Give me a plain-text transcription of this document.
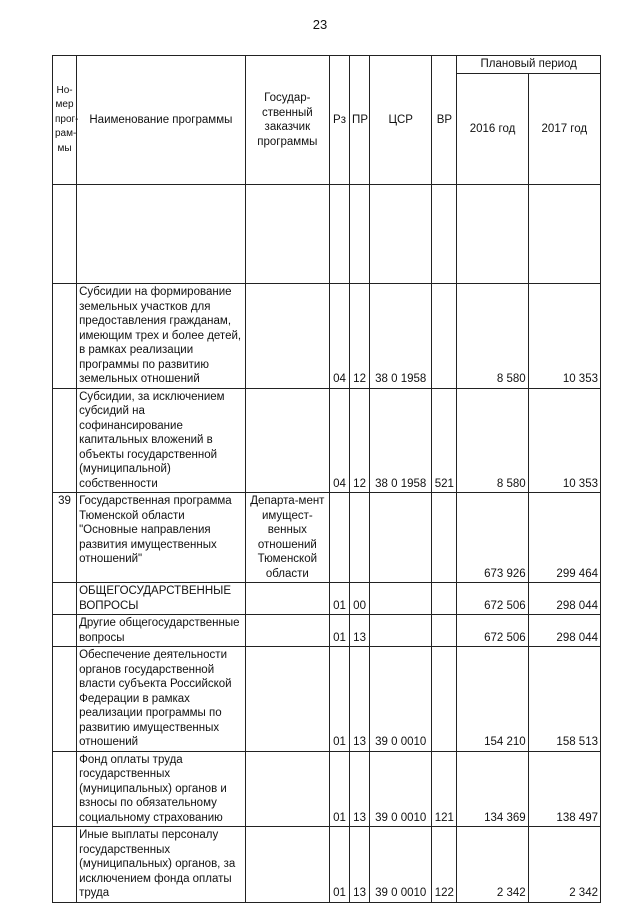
23
Но-мер прог-рам-мы	Наименование программы	Государ-ственный заказчик программы	Рз	ПР	ЦСР	ВР	Плановый период	
							2016 год	2017 год

	Субсидии на формирование земельных участков для предоставления гражданам, имеющим трех и более детей, в рамках реализации программы по развитию земельных отношений		04	12	38 0 1958		8 580	10 353
	Субсидии, за исключением субсидий на софинансирование капитальных вложений в объекты государственной (муниципальной) собственности		04	12	38 0 1958	521	8 580	10 353
39	Государственная программа Тюменской области "Основные направления развития имущественных отношений"	Департа-мент имущест-венных отношений Тюменской области					673 926	299 464
	ОБЩЕГОСУДАРСТВЕННЫЕ ВОПРОСЫ		01	00			672 506	298 044
	Другие общегосударственные вопросы		01	13			672 506	298 044
	Обеспечение деятельности органов государственной власти субъекта Российской Федерации в рамках реализации программы по развитию имущественных отношений		01	13	39 0 0010		154 210	158 513
	Фонд оплаты труда государственных (муниципальных) органов и взносы по обязательному социальному страхованию		01	13	39 0 0010	121	134 369	138 497
	Иные выплаты персоналу государственных (муниципальных) органов, за исключением фонда оплаты труда		01	13	39 0 0010	122	2 342	2 342
